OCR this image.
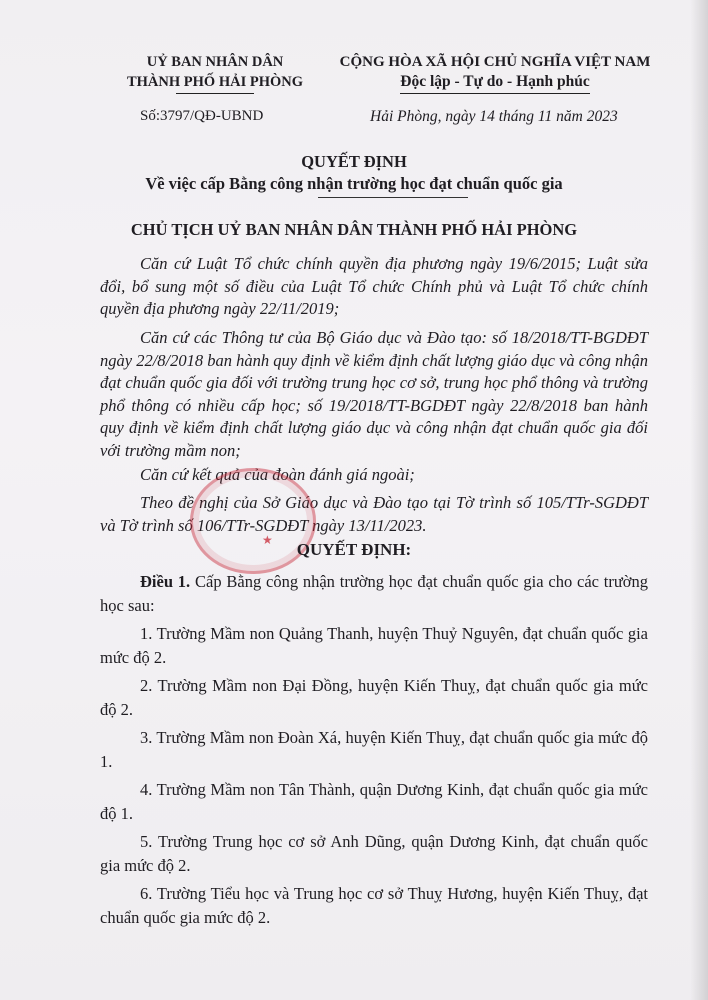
UỶ BAN NHÂN DÂN
THÀNH PHỐ HẢI PHÒNG
CỘNG HÒA XÃ HỘI CHỦ NGHĨA VIỆT NAM
Độc lập - Tự do - Hạnh phúc
Số:3797/QĐ-UBND	Hải Phòng, ngày 14 tháng 11 năm 2023
QUYẾT ĐỊNH
Về việc cấp Bằng công nhận trường học đạt chuẩn quốc gia
CHỦ TỊCH UỶ BAN NHÂN DÂN THÀNH PHỐ HẢI PHÒNG
Căn cứ Luật Tổ chức chính quyền địa phương ngày 19/6/2015; Luật sửa đổi, bổ sung một số điều của Luật Tổ chức Chính phủ và Luật Tổ chức chính quyền địa phương ngày 22/11/2019;
Căn cứ các Thông tư của Bộ Giáo dục và Đào tạo: số 18/2018/TT-BGDĐT ngày 22/8/2018 ban hành quy định về kiểm định chất lượng giáo dục và công nhận đạt chuẩn quốc gia đối với trường trung học cơ sở, trung học phổ thông và trường phổ thông có nhiều cấp học; số 19/2018/TT-BGDĐT ngày 22/8/2018 ban hành quy định về kiểm định chất lượng giáo dục và công nhận đạt chuẩn quốc gia đối với trường mầm non;
Căn cứ kết quả của đoàn đánh giá ngoài;
Theo đề nghị của Sở Giáo dục và Đào tạo tại Tờ trình số 105/TTr-SGDĐT và Tờ trình số 106/TTr-SGDĐT ngày 13/11/2023.
★	QUYẾT ĐỊNH:
Điều 1. Cấp Bằng công nhận trường học đạt chuẩn quốc gia cho các trường học sau:
1. Trường Mầm non Quảng Thanh, huyện Thuỷ Nguyên, đạt chuẩn quốc gia mức độ 2.
2. Trường Mầm non Đại Đồng, huyện Kiến Thuỵ, đạt chuẩn quốc gia mức độ 2.
3. Trường Mầm non Đoàn Xá, huyện Kiến Thuỵ, đạt chuẩn quốc gia mức độ 1.
4. Trường Mầm non Tân Thành, quận Dương Kinh, đạt chuẩn quốc gia mức độ 1.
5. Trường Trung học cơ sở Anh Dũng, quận Dương Kinh, đạt chuẩn quốc gia mức độ 2.
6. Trường Tiểu học và Trung học cơ sở Thuỵ Hương, huyện Kiến Thuỵ, đạt chuẩn quốc gia mức độ 2.
